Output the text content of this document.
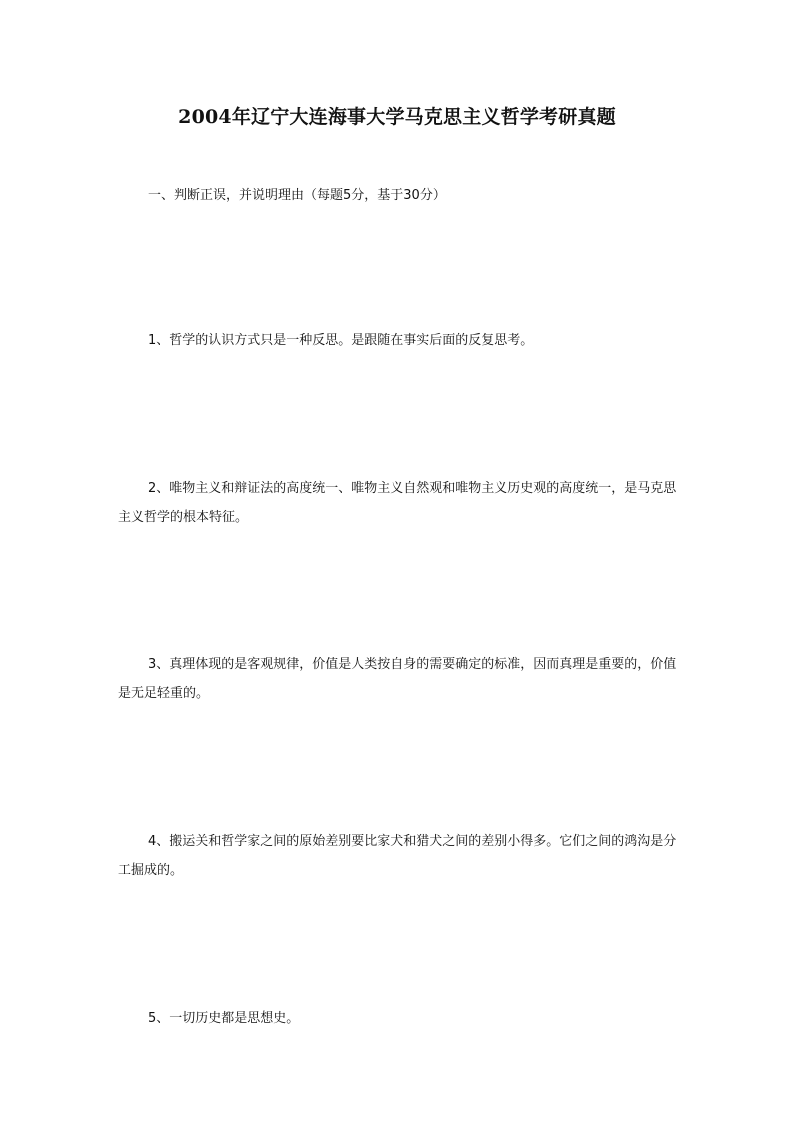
2004年辽宁大连海事大学马克思主义哲学考研真题
一、判断正误，并说明理由（每题5分，基于30分）
1、哲学的认识方式只是一种反思。是跟随在事实后面的反复思考。
2、唯物主义和辩证法的高度统一、唯物主义自然观和唯物主义历史观的高度统一，是马克思主义哲学的根本特征。
3、真理体现的是客观规律，价值是人类按自身的需要确定的标准，因而真理是重要的，价值是无足轻重的。
4、搬运关和哲学家之间的原始差别要比家犬和猎犬之间的差别小得多。它们之间的鸿沟是分工掘成的。
5、一切历史都是思想史。
